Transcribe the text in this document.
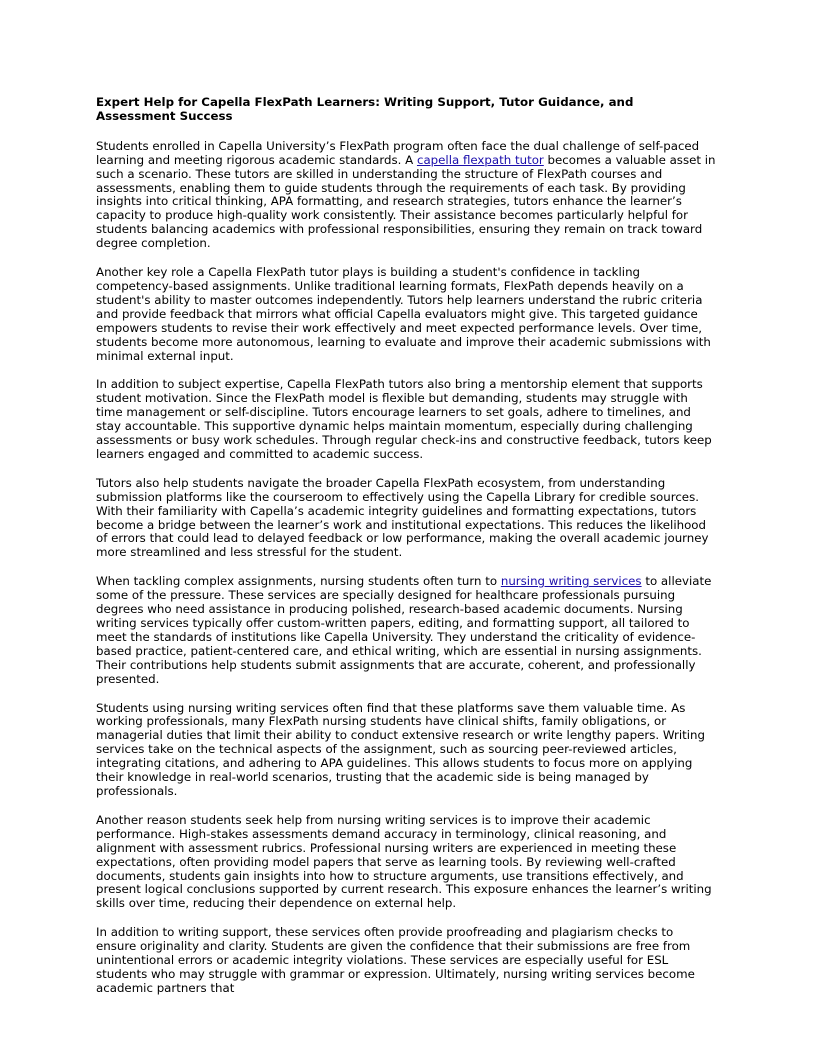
Expert Help for Capella FlexPath Learners: Writing Support, Tutor Guidance, and Assessment Success

Students enrolled in Capella University’s FlexPath program often face the dual challenge of self-paced learning and meeting rigorous academic standards. A capella flexpath tutor becomes a valuable asset in such a scenario. These tutors are skilled in understanding the structure of FlexPath courses and assessments, enabling them to guide students through the requirements of each task. By providing insights into critical thinking, APA formatting, and research strategies, tutors enhance the learner’s capacity to produce high-quality work consistently. Their assistance becomes particularly helpful for students balancing academics with professional responsibilities, ensuring they remain on track toward degree completion.

Another key role a Capella FlexPath tutor plays is building a student's confidence in tackling competency-based assignments. Unlike traditional learning formats, FlexPath depends heavily on a student's ability to master outcomes independently. Tutors help learners understand the rubric criteria and provide feedback that mirrors what official Capella evaluators might give. This targeted guidance empowers students to revise their work effectively and meet expected performance levels. Over time, students become more autonomous, learning to evaluate and improve their academic submissions with minimal external input.

In addition to subject expertise, Capella FlexPath tutors also bring a mentorship element that supports student motivation. Since the FlexPath model is flexible but demanding, students may struggle with time management or self-discipline. Tutors encourage learners to set goals, adhere to timelines, and stay accountable. This supportive dynamic helps maintain momentum, especially during challenging assessments or busy work schedules. Through regular check-ins and constructive feedback, tutors keep learners engaged and committed to academic success.

Tutors also help students navigate the broader Capella FlexPath ecosystem, from understanding submission platforms like the courseroom to effectively using the Capella Library for credible sources. With their familiarity with Capella’s academic integrity guidelines and formatting expectations, tutors become a bridge between the learner’s work and institutional expectations. This reduces the likelihood of errors that could lead to delayed feedback or low performance, making the overall academic journey more streamlined and less stressful for the student.

When tackling complex assignments, nursing students often turn to nursing writing services to alleviate some of the pressure. These services are specially designed for healthcare professionals pursuing degrees who need assistance in producing polished, research-based academic documents. Nursing writing services typically offer custom-written papers, editing, and formatting support, all tailored to meet the standards of institutions like Capella University. They understand the criticality of evidence-based practice, patient-centered care, and ethical writing, which are essential in nursing assignments. Their contributions help students submit assignments that are accurate, coherent, and professionally presented.

Students using nursing writing services often find that these platforms save them valuable time. As working professionals, many FlexPath nursing students have clinical shifts, family obligations, or managerial duties that limit their ability to conduct extensive research or write lengthy papers. Writing services take on the technical aspects of the assignment, such as sourcing peer-reviewed articles, integrating citations, and adhering to APA guidelines. This allows students to focus more on applying their knowledge in real-world scenarios, trusting that the academic side is being managed by professionals.

Another reason students seek help from nursing writing services is to improve their academic performance. High-stakes assessments demand accuracy in terminology, clinical reasoning, and alignment with assessment rubrics. Professional nursing writers are experienced in meeting these expectations, often providing model papers that serve as learning tools. By reviewing well-crafted documents, students gain insights into how to structure arguments, use transitions effectively, and present logical conclusions supported by current research. This exposure enhances the learner’s writing skills over time, reducing their dependence on external help.

In addition to writing support, these services often provide proofreading and plagiarism checks to ensure originality and clarity. Students are given the confidence that their submissions are free from unintentional errors or academic integrity violations. These services are especially useful for ESL students who may struggle with grammar or expression. Ultimately, nursing writing services become academic partners that
